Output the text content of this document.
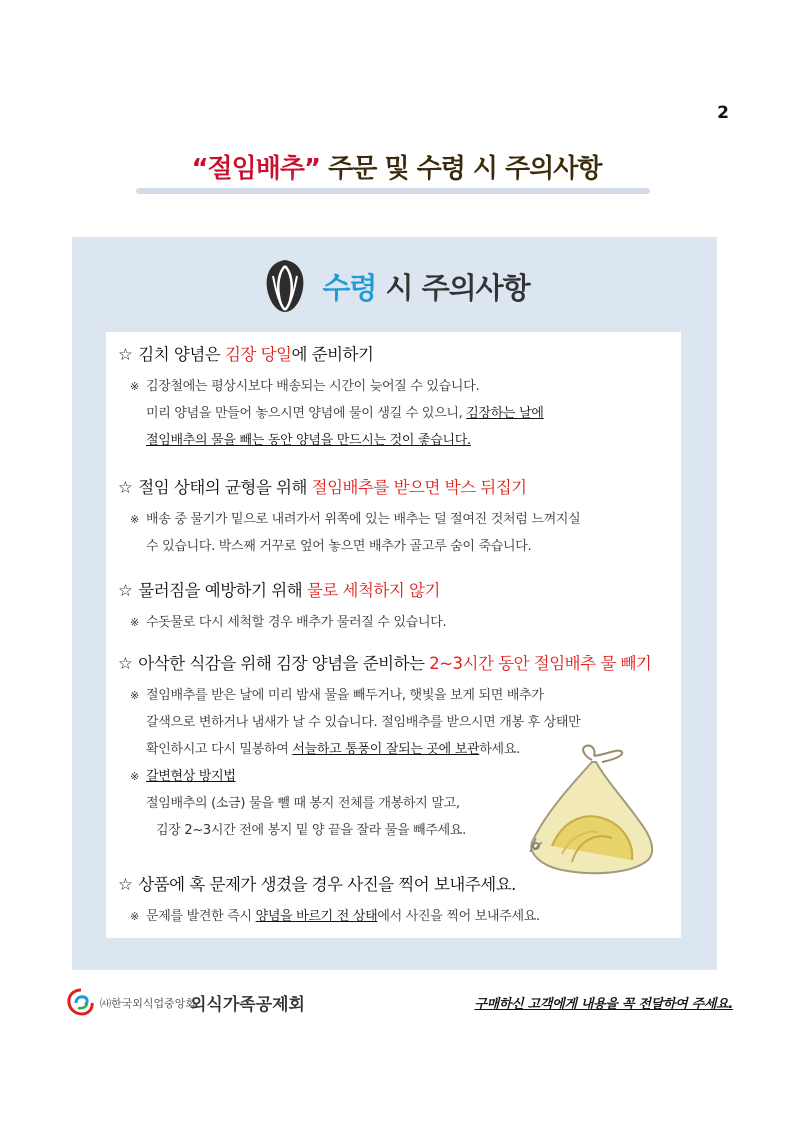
2
“절임배추” 주문 및 수령 시 주의사항
수령 시 주의사항
☆ 김치 양념은 김장 당일에 준비하기
※ 김장철에는 평상시보다 배송되는 시간이 늦어질 수 있습니다.
미리 양념을 만들어 놓으시면 양념에 물이 생길 수 있으니, 김장하는 날에
절임배추의 물을 빼는 동안 양념을 만드시는 것이 좋습니다.
☆ 절임 상태의 균형을 위해 절임배추를 받으면 박스 뒤집기
※ 배송 중 물기가 밑으로 내려가서 위쪽에 있는 배추는 덜 절여진 것처럼 느껴지실
수 있습니다. 박스째 거꾸로 엎어 놓으면 배추가 골고루 숨이 죽습니다.
☆ 물러짐을 예방하기 위해 물로 세척하지 않기
※ 수돗물로 다시 세척할 경우 배추가 물러질 수 있습니다.
☆ 아삭한 식감을 위해 김장 양념을 준비하는 2~3시간 동안 절임배추 물 빼기
※ 절임배추를 받은 날에 미리 밤새 물을 빼두거나, 햇빛을 보게 되면 배추가
갈색으로 변하거나 냄새가 날 수 있습니다. 절임배추를 받으시면 개봉 후 상태만
확인하시고 다시 밀봉하여 서늘하고 통풍이 잘되는 곳에 보관하세요.
※ 갈변현상 방지법
절임배추의 (소금) 물을 뺄 때 봉지 전체를 개봉하지 말고,
김장 2~3시간 전에 봉지 밑 양 끝을 잘라 물을 빼주세요.
☆ 상품에 혹 문제가 생겼을 경우 사진을 찍어 보내주세요.
※ 문제를 발견한 즉시 양념을 바르기 전 상태에서 사진을 찍어 보내주세요.
㈔한국외식업중앙회
외식가족공제회	구매하신 고객에게 내용을 꼭 전달하여 주세요.
